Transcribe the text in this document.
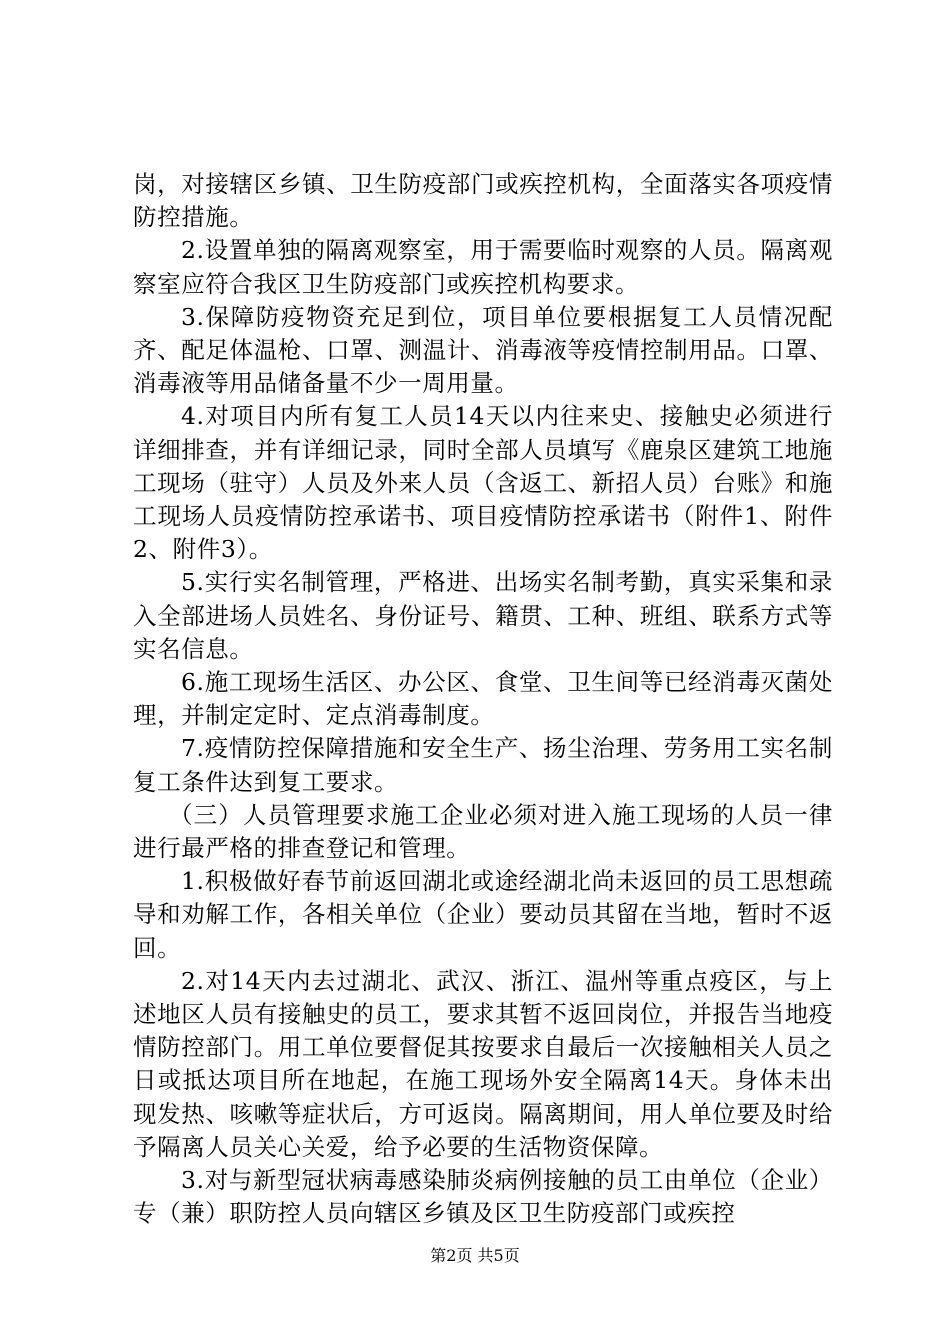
岗，对接辖区乡镇、卫生防疫部门或疾控机构，全面落实各项疫情防控措施。

2.设置单独的隔离观察室，用于需要临时观察的人员。隔离观察室应符合我区卫生防疫部门或疾控机构要求。

3.保障防疫物资充足到位，项目单位要根据复工人员情况配齐、配足体温枪、口罩、测温计、消毒液等疫情控制用品。口罩、消毒液等用品储备量不少一周用量。

4.对项目内所有复工人员14天以内往来史、接触史必须进行详细排查，并有详细记录，同时全部人员填写《鹿泉区建筑工地施工现场（驻守）人员及外来人员（含返工、新招人员）台账》和施工现场人员疫情防控承诺书、项目疫情防控承诺书（附件1、附件2、附件3）。

5.实行实名制管理，严格进、出场实名制考勤，真实采集和录入全部进场人员姓名、身份证号、籍贯、工种、班组、联系方式等实名信息。

6.施工现场生活区、办公区、食堂、卫生间等已经消毒灭菌处理，并制定定时、定点消毒制度。

7.疫情防控保障措施和安全生产、扬尘治理、劳务用工实名制复工条件达到复工要求。

（三）人员管理要求施工企业必须对进入施工现场的人员一律进行最严格的排查登记和管理。

1.积极做好春节前返回湖北或途经湖北尚未返回的员工思想疏导和劝解工作，各相关单位（企业）要动员其留在当地，暂时不返回。

2.对14天内去过湖北、武汉、浙江、温州等重点疫区，与上述地区人员有接触史的员工，要求其暂不返回岗位，并报告当地疫情防控部门。用工单位要督促其按要求自最后一次接触相关人员之日或抵达项目所在地起，在施工现场外安全隔离14天。身体未出现发热、咳嗽等症状后，方可返岗。隔离期间，用人单位要及时给予隔离人员关心关爱，给予必要的生活物资保障。

3.对与新型冠状病毒感染肺炎病例接触的员工由单位（企业）专（兼）职防控人员向辖区乡镇及区卫生防疫部门或疾控

第2页 共5页
